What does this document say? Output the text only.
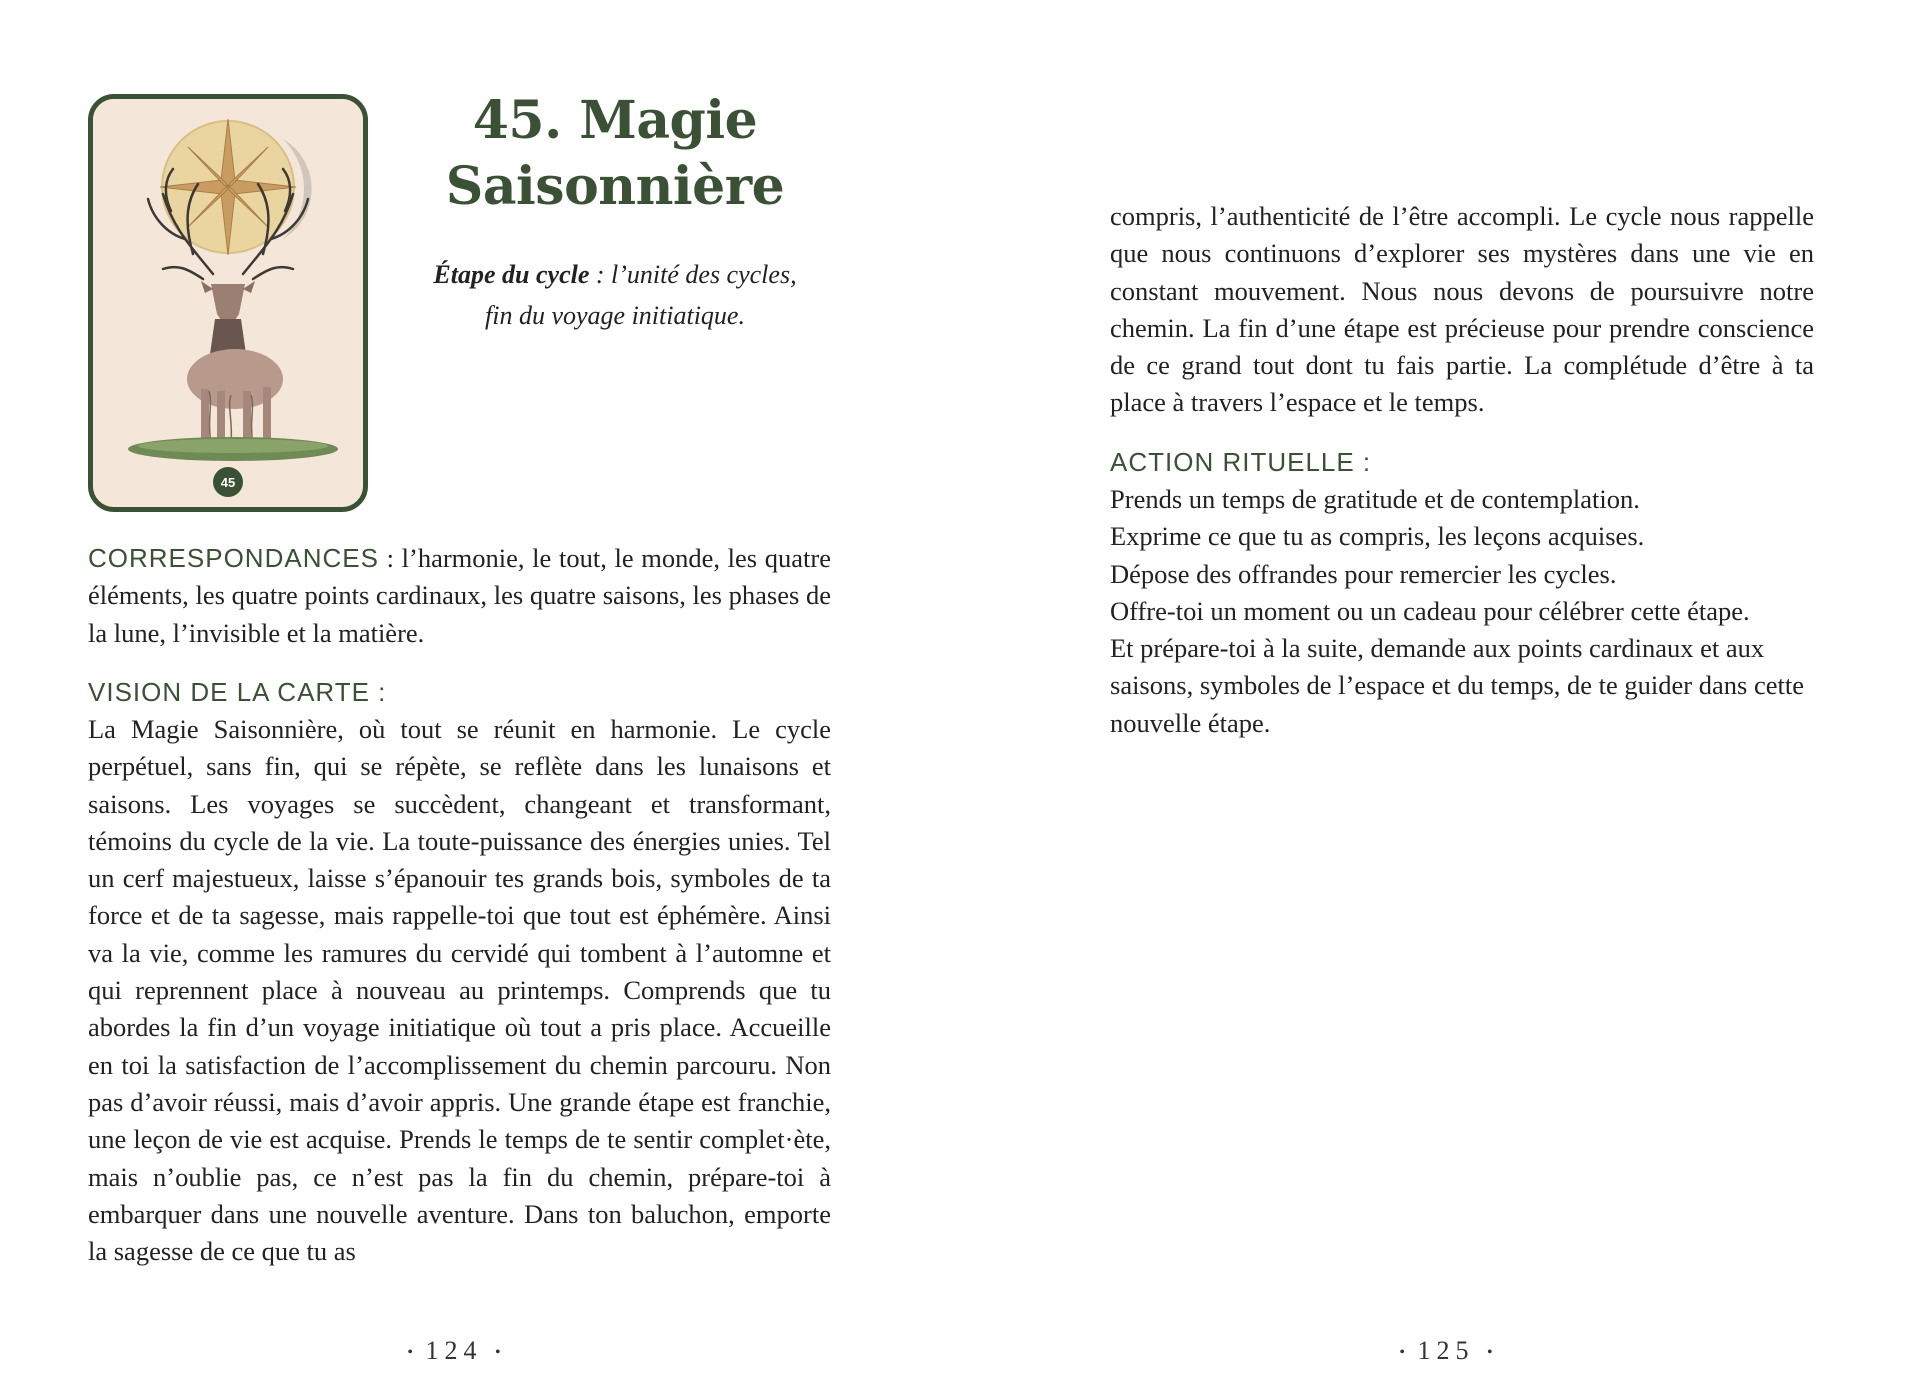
45
45. Magie
Saisonnière

Étape du cycle : l’unité des cycles,
fin du voyage initiatique.

CORRESPONDANCES : l’harmonie, le tout, le monde, les quatre éléments, les quatre points cardinaux, les quatre saisons, les phases de la lune, l’invisible et la matière.

VISION DE LA CARTE :

La Magie Saisonnière, où tout se réunit en harmonie. Le cycle perpétuel, sans fin, qui se répète, se reflète dans les lunaisons et saisons. Les voyages se succèdent, changeant et transformant, témoins du cycle de la vie. La toute-puissance des énergies unies. Tel un cerf majestueux, laisse s’épanouir tes grands bois, symboles de ta force et de ta sagesse, mais rappelle-toi que tout est éphémère. Ainsi va la vie, comme les ramures du cervidé qui tombent à l’automne et qui reprennent place à nouveau au printemps. Comprends que tu abordes la fin d’un voyage initiatique où tout a pris place. Accueille en toi la satisfaction de l’accomplissement du chemin parcouru. Non pas d’avoir réussi, mais d’avoir appris. Une grande étape est franchie, une leçon de vie est acquise. Prends le temps de te sentir complet·ète, mais n’oublie pas, ce n’est pas la fin du chemin, prépare-toi à embarquer dans une nouvelle aventure. Dans ton baluchon, emporte la sagesse de ce que tu as

• 124 •

compris, l’authenticité de l’être accompli. Le cycle nous rappelle que nous continuons d’explorer ses mystères dans une vie en constant mouvement. Nous nous devons de poursuivre notre chemin. La fin d’une étape est précieuse pour prendre conscience de ce grand tout dont tu fais partie. La complétude d’être à ta place à travers l’espace et le temps.

ACTION RITUELLE :

Prends un temps de gratitude et de contemplation.
Exprime ce que tu as compris, les leçons acquises.
Dépose des offrandes pour remercier les cycles.
Offre-toi un moment ou un cadeau pour célébrer cette étape.
Et prépare-toi à la suite, demande aux points cardinaux et aux saisons, symboles de l’espace et du temps, de te guider dans cette nouvelle étape.

• 125 •
